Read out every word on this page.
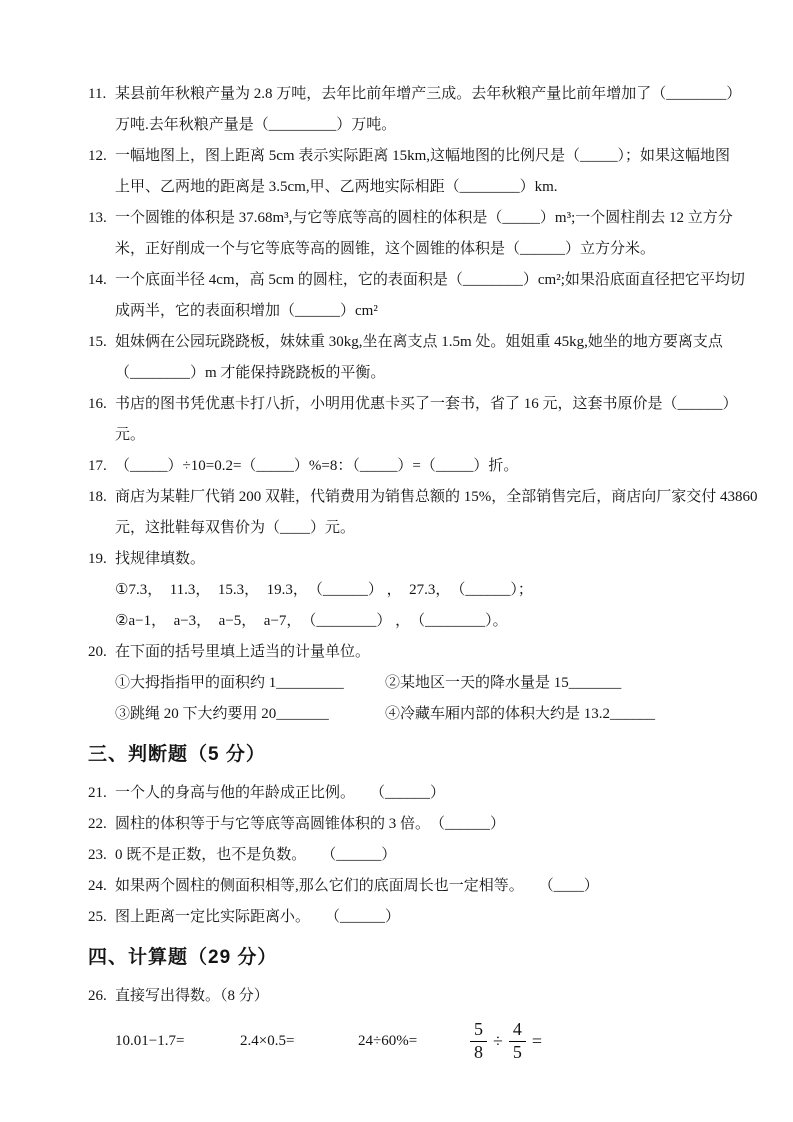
11. 某县前年秋粮产量为 2.8 万吨，去年比前年增产三成。去年秋粮产量比前年增加了（________）
万吨.去年秋粮产量是（_________）万吨。
12. 一幅地图上，图上距离 5cm 表示实际距离 15km,这幅地图的比例尺是（_____）；如果这幅地图
上甲、乙两地的距离是 3.5cm,甲、乙两地实际相距（________）km.
13. 一个圆锥的体积是 37.68m³,与它等底等高的圆柱的体积是（_____）m³;一个圆柱削去 12 立方分
米，正好削成一个与它等底等高的圆锥，这个圆锥的体积是（______）立方分米。
14. 一个底面半径 4cm，高 5cm 的圆柱，它的表面积是（________）cm²;如果沿底面直径把它平均切
成两半，它的表面积增加（______）cm²
15. 姐妹俩在公园玩跷跷板，妹妹重 30kg,坐在离支点 1.5m 处。姐姐重 45kg,她坐的地方要离支点
（________）m 才能保持跷跷板的平衡。
16. 书店的图书凭优惠卡打八折，小明用优惠卡买了一套书，省了 16 元，这套书原价是（______）
元。
17. （_____）÷10=0.2=（_____）%=8：（_____）=（_____）折。
18. 商店为某鞋厂代销 200 双鞋，代销费用为销售总额的 15%，全部销售完后，商店向厂家交付 43860
元，这批鞋每双售价为（____）元。
19. 找规律填数。
①7.3，　11.3，　15.3，　19.3，　（______） ，　27.3，　（______）；
②a−1，　a−3，　a−5，　a−7，　（________） ，　（________）。
20. 在下面的括号里填上适当的计量单位。
①大拇指指甲的面积约 1_________	②某地区一天的降水量是 15_______
③跳绳 20 下大约要用 20_______	④冷藏车厢内部的体积大约是 13.2______
三、判断题（5 分）
21. 一个人的身高与他的年龄成正比例。　　（______）
22. 圆柱的体积等于与它等底等高圆锥体积的 3 倍。　（______）
23. 0 既不是正数，也不是负数。　　（______）
24. 如果两个圆柱的侧面积相等,那么它们的底面周长也一定相等。　　（____）
25. 图上距离一定比实际距离小。　　（______）
四、计算题（29 分）
26. 直接写出得数。（8 分）
10.01−1.7=	2.4×0.5=	24÷60%=	$\frac{5}{8} \div \frac{4}{5}$ =
